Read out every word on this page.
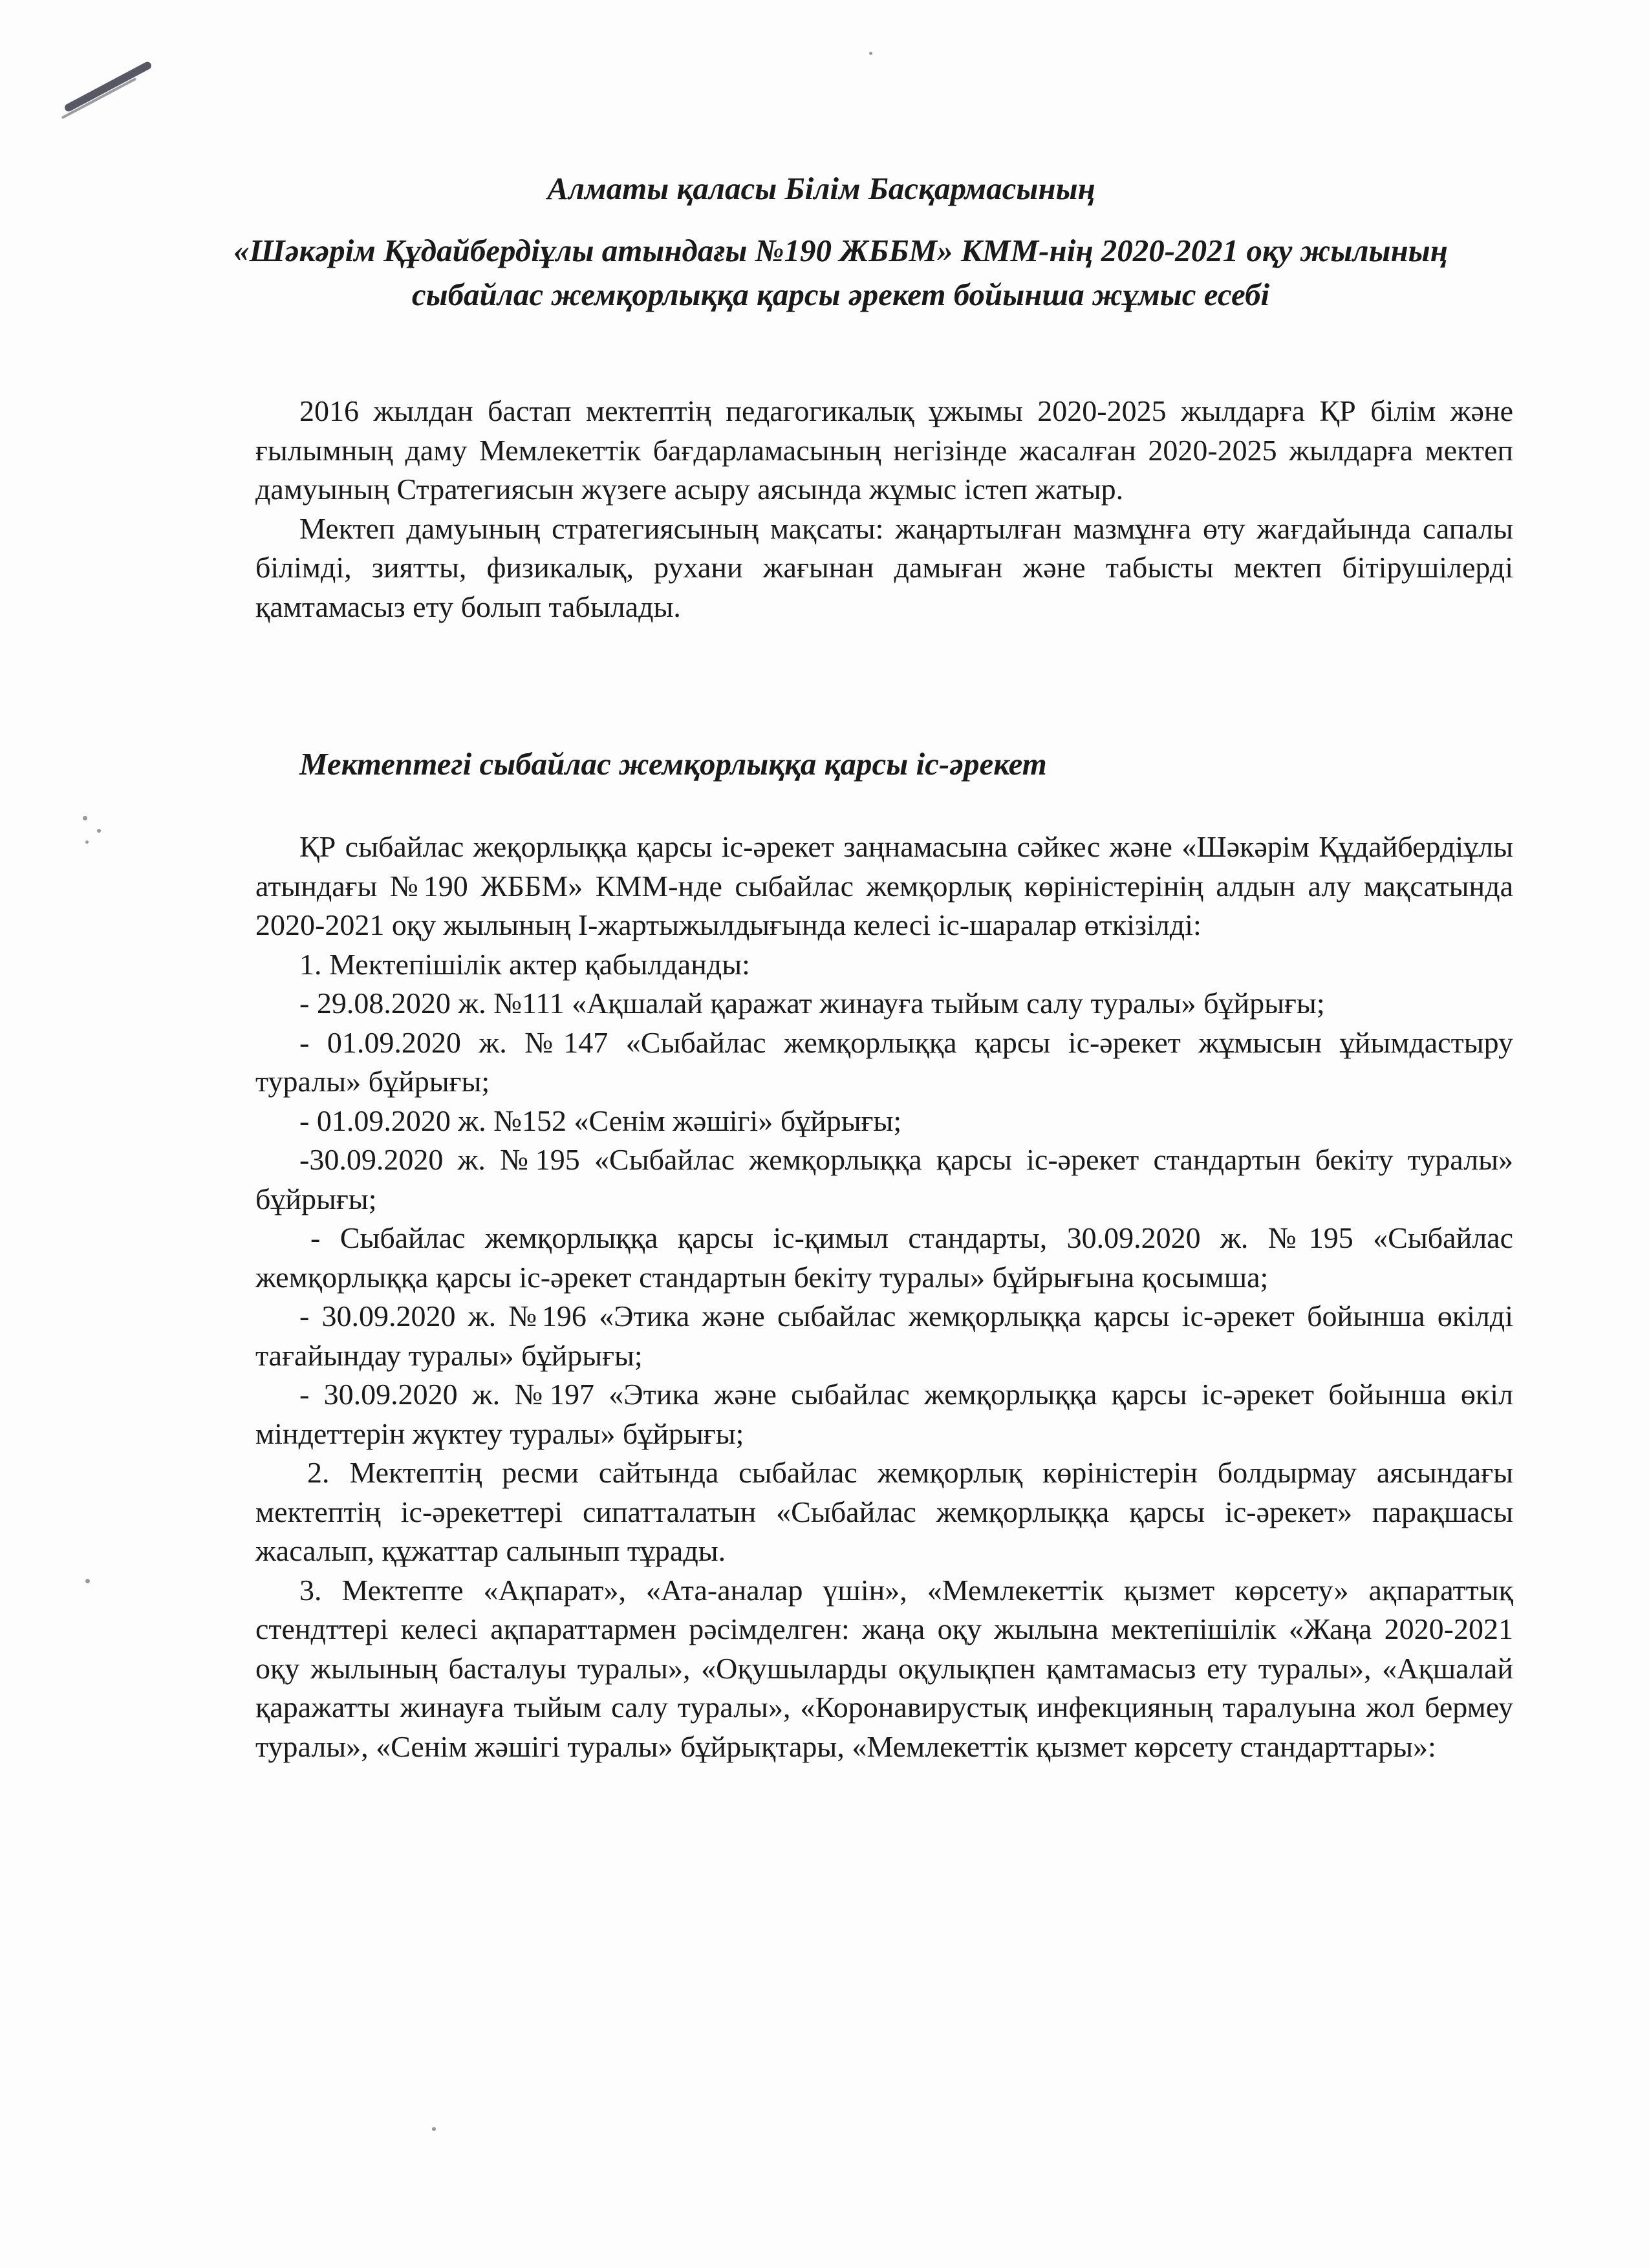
Алматы қаласы Білім Басқармасының
«Шәкәрім Құдайбердіұлы атындағы №190 ЖББМ» КММ-нің 2020-2021 оқу жылының сыбайлас жемқорлыққа қарсы әрекет бойынша жұмыс есебі

2016 жылдан бастап мектептің педагогикалық ұжымы 2020-2025 жылдарға ҚР білім және ғылымның даму Мемлекеттік бағдарламасының негізінде жасалған 2020-2025 жылдарға мектеп дамуының Стратегиясын жүзеге асыру аясында жұмыс істеп жатыр.

Мектеп дамуының стратегиясының мақсаты: жаңартылған мазмұнға өту жағдайында сапалы білімді, зиятты, физикалық, рухани жағынан дамыған және табысты мектеп бітірушілерді қамтамасыз ету болып табылады.

Мектептегі сыбайлас жемқорлыққа қарсы іс-әрекет

ҚР сыбайлас жеқорлыққа қарсы іс-әрекет заңнамасына сәйкес және «Шәкәрім Құдайбердіұлы атындағы №190 ЖББМ» КММ-нде сыбайлас жемқорлық көріністерінің алдын алу мақсатында 2020-2021 оқу жылының І-жартыжылдығында келесі іс-шаралар өткізілді:

1. Мектепішілік актер қабылданды:

- 29.08.2020 ж. №111 «Ақшалай қаражат жинауға тыйым салу туралы» бұйрығы;

- 01.09.2020 ж. №147 «Сыбайлас жемқорлыққа қарсы іс-әрекет жұмысын ұйымдастыру туралы» бұйрығы;

- 01.09.2020 ж. №152 «Сенім жәшігі» бұйрығы;

-30.09.2020 ж. №195 «Сыбайлас жемқорлыққа қарсы іс-әрекет стандартын бекіту туралы» бұйрығы;

- Сыбайлас жемқорлыққа қарсы іс-қимыл стандарты, 30.09.2020 ж. №195 «Сыбайлас жемқорлыққа қарсы іс-әрекет стандартын бекіту туралы» бұйрығына қосымша;

- 30.09.2020 ж. №196 «Этика және сыбайлас жемқорлыққа қарсы іс-әрекет бойынша өкілді тағайындау туралы» бұйрығы;

- 30.09.2020 ж. №197 «Этика және сыбайлас жемқорлыққа қарсы іс-әрекет бойынша өкіл міндеттерін жүктеу туралы» бұйрығы;

2. Мектептің ресми сайтында сыбайлас жемқорлық көріністерін болдырмау аясындағы мектептің іс-әрекеттері сипатталатын «Сыбайлас жемқорлыққа қарсы іс-әрекет» парақшасы жасалып, құжаттар салынып тұрады.

3. Мектепте «Ақпарат», «Ата-аналар үшін», «Мемлекеттік қызмет көрсету» ақпараттық стендттері келесі ақпараттармен рәсімделген: жаңа оқу жылына мектепішілік «Жаңа 2020-2021 оқу жылының басталуы туралы», «Оқушыларды оқулықпен қамтамасыз ету туралы», «Ақшалай қаражатты жинауға тыйым салу туралы», «Коронавирустық инфекцияның таралуына жол бермеу туралы», «Сенім жәшігі туралы» бұйрықтары, «Мемлекеттік қызмет көрсету стандарттары»:
